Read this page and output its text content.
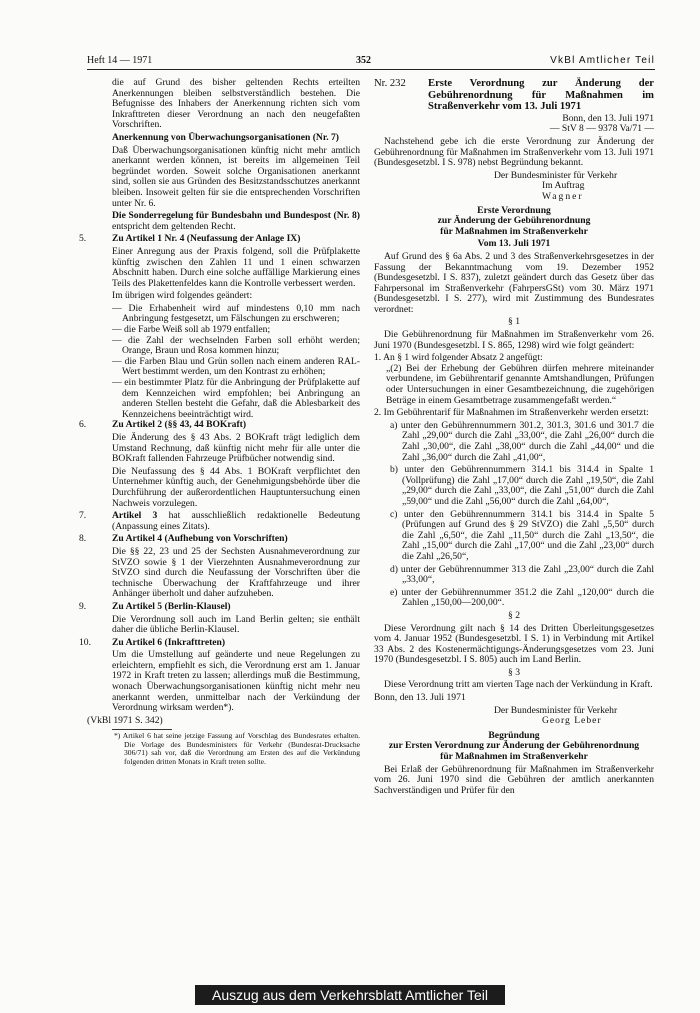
Heft 14 — 1971	352	VkBl Amtlicher Teil

die auf Grund des bisher geltenden Rechts erteilten Anerkennungen bleiben selbstverständlich bestehen. Die Befugnisse des Inhabers der Anerkennung richten sich vom Inkrafttreten dieser Verordnung an nach den neugefaßten Vorschriften.

Anerkennung von Überwachungsorganisationen (Nr. 7)

Daß Überwachungsorganisationen künftig nicht mehr amtlich anerkannt werden können, ist bereits im allgemeinen Teil begründet worden. Soweit solche Organisationen anerkannt sind, sollen sie aus Gründen des Besitzstandsschutzes anerkannt bleiben. Insoweit gelten für sie die entsprechenden Vorschriften unter Nr. 6.

Die Sonderregelung für Bundesbahn und Bundespost (Nr. 8) entspricht dem geltenden Recht.

5.	Zu Artikel 1 Nr. 4 (Neufassung der Anlage IX)

Einer Anregung aus der Praxis folgend, soll die Prüfplakette künftig zwischen den Zahlen 11 und 1 einen schwarzen Abschnitt haben. Durch eine solche auffällige Markierung eines Teils des Plakettenfeldes kann die Kontrolle verbessert werden.

Im übrigen wird folgendes geändert:

— Die Erhabenheit wird auf mindestens 0,10 mm nach Anbringung festgesetzt, um Fälschungen zu erschweren;

— die Farbe Weiß soll ab 1979 entfallen;

— die Zahl der wechselnden Farben soll erhöht werden; Orange, Braun und Rosa kommen hinzu;

— die Farben Blau und Grün sollen nach einem anderen RAL-Wert bestimmt werden, um den Kontrast zu erhöhen;

— ein bestimmter Platz für die Anbringung der Prüfplakette auf dem Kennzeichen wird empfohlen; bei Anbringung an anderen Stellen besteht die Gefahr, daß die Ablesbarkeit des Kennzeichens beeinträchtigt wird.

6.	Zu Artikel 2 (§§ 43, 44 BOKraft)

Die Änderung des § 43 Abs. 2 BOKraft trägt lediglich dem Umstand Rechnung, daß künftig nicht mehr für alle unter die BOKraft fallenden Fahrzeuge Prüfbücher notwendig sind.

Die Neufassung des § 44 Abs. 1 BOKraft verpflichtet den Unternehmer künftig auch, der Genehmigungsbehörde über die Durchführung der außerordentlichen Hauptuntersuchung einen Nachweis vorzulegen.

7.	Artikel 3 hat ausschließlich redaktionelle Bedeutung (Anpassung eines Zitats).

8.	Zu Artikel 4 (Aufhebung von Vorschriften)

Die §§ 22, 23 und 25 der Sechsten Ausnahmeverordnung zur StVZO sowie § 1 der Vierzehnten Ausnahmeverordnung zur StVZO sind durch die Neufassung der Vorschriften über die technische Überwachung der Kraftfahrzeuge und ihrer Anhänger überholt und daher aufzuheben.

9.	Zu Artikel 5 (Berlin-Klausel)

Die Verordnung soll auch im Land Berlin gelten; sie enthält daher die übliche Berlin-Klausel.

10. Zu Artikel 6 (Inkrafttreten)

Um die Umstellung auf geänderte und neue Regelungen zu erleichtern, empfiehlt es sich, die Verordnung erst am 1. Januar 1972 in Kraft treten zu lassen; allerdings muß die Bestimmung, wonach Überwachungsorganisationen künftig nicht mehr neu anerkannt werden, unmittelbar nach der Verkündung der Verordnung wirksam werden*).

(VkBl 1971 S. 342)

*) Artikel 6 hat seine jetzige Fassung auf Vorschlag des Bundesrates erhalten. Die Vorlage des Bundesministers für Verkehr (Bundesrat-Drucksache 306/71) sah vor, daß die Verordnung am Ersten des auf die Verkündung folgenden dritten Monats in Kraft treten sollte.

Nr. 232	Erste Verordnung zur Änderung der Gebührenordnung für Maßnahmen im Straßenverkehr vom 13. Juli 1971

Bonn, den 13. Juli 1971

— StV 8 — 9378 Va/71 —

Nachstehend gebe ich die erste Verordnung zur Änderung der Gebührenordnung für Maßnahmen im Straßenverkehr vom 13. Juli 1971 (Bundesgesetzbl. I S. 978) nebst Begründung bekannt.

Der Bundesminister für Verkehr

Im Auftrag

Wagner

Erste Verordnung

zur Änderung der Gebührenordnung

für Maßnahmen im Straßenverkehr

Vom 13. Juli 1971

Auf Grund des § 6a Abs. 2 und 3 des Straßenverkehrsgesetzes in der Fassung der Bekanntmachung vom 19. Dezember 1952 (Bundesgesetzbl. I S. 837), zuletzt geändert durch das Gesetz über das Fahrpersonal im Straßenverkehr (FahrpersGSt) vom 30. März 1971 (Bundesgesetzbl. I S. 277), wird mit Zustimmung des Bundesrates verordnet:

§ 1

Die Gebührenordnung für Maßnahmen im Straßenverkehr vom 26. Juni 1970 (Bundesgesetzbl. I S. 865, 1298) wird wie folgt geändert:

1. An § 1 wird folgender Absatz 2 angefügt:

„(2) Bei der Erhebung der Gebühren dürfen mehrere miteinander verbundene, im Gebührentarif genannte Amtshandlungen, Prüfungen oder Untersuchungen in einer Gesamtbezeichnung, die zugehörigen Beträge in einem Gesamtbetrage zusammengefaßt werden.“

2. Im Gebührentarif für Maßnahmen im Straßenverkehr werden ersetzt:

a) unter den Gebührennummern 301.2, 301.3, 301.6 und 301.7 die Zahl „29,00“ durch die Zahl „33,00“, die Zahl „26,00“ durch die Zahl „30,00“, die Zahl „38,00“ durch die Zahl „44,00“ und die Zahl „36,00“ durch die Zahl „41,00“,

b) unter den Gebührennummern 314.1 bis 314.4 in Spalte 1 (Vollprüfung) die Zahl „17,00“ durch die Zahl „19,50“, die Zahl „29,00“ durch die Zahl „33,00“, die Zahl „51,00“ durch die Zahl „59,00“ und die Zahl „56,00“ durch die Zahl „64,00“,

c) unter den Gebührennummern 314.1 bis 314.4 in Spalte 5 (Prüfungen auf Grund des § 29 StVZO) die Zahl „5,50“ durch die Zahl „6,50“, die Zahl „11,50“ durch die Zahl „13,50“, die Zahl „15,00“ durch die Zahl „17,00“ und die Zahl „23,00“ durch die Zahl „26,50“,

d) unter der Gebührennummer 313 die Zahl „23,00“ durch die Zahl „33,00“,

e) unter der Gebührennummer 351.2 die Zahl „120,00“ durch die Zahlen „150,00—200,00“.

§ 2

Diese Verordnung gilt nach § 14 des Dritten Überleitungsgesetzes vom 4. Januar 1952 (Bundesgesetzbl. I S. 1) in Verbindung mit Artikel 33 Abs. 2 des Kostenermächtigungs-Änderungsgesetzes vom 23. Juni 1970 (Bundesgesetzbl. I S. 805) auch im Land Berlin.

§ 3

Diese Verordnung tritt am vierten Tage nach der Verkündung in Kraft.

Bonn, den 13. Juli 1971

Der Bundesminister für Verkehr

Georg Leber

Begründung

zur Ersten Verordnung zur Änderung der Gebührenordnung

für Maßnahmen im Straßenverkehr

Bei Erlaß der Gebührenordnung für Maßnahmen im Straßenverkehr vom 26. Juni 1970 sind die Gebühren der amtlich anerkannten Sachverständigen und Prüfer für den

Auszug aus dem Verkehrsblatt Amtlicher Teil
